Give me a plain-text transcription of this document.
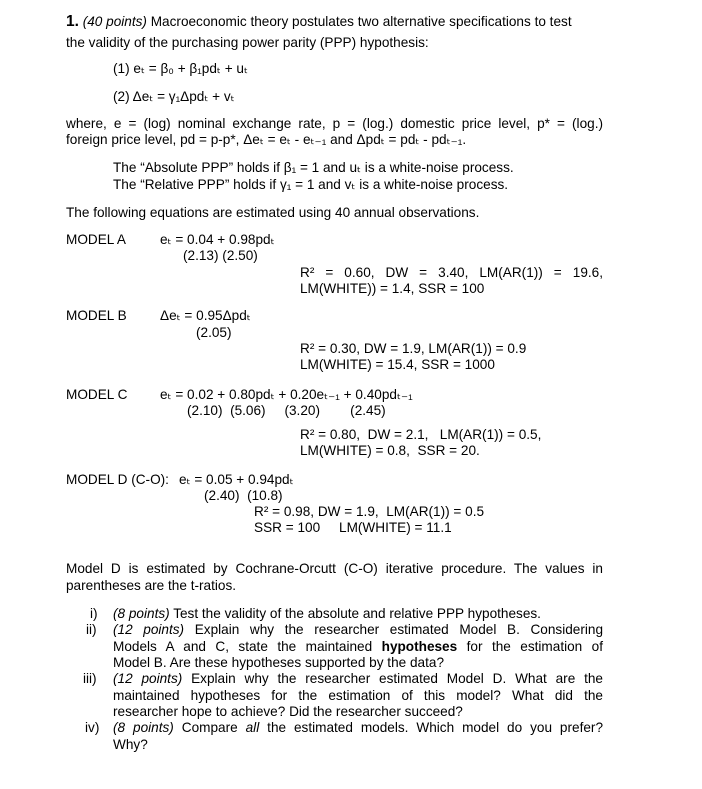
1. (40 points) Macroeconomic theory postulates two alternative specifications to test
the validity of the purchasing power parity (PPP) hypothesis:
(1) eₜ = β₀ + β₁pdₜ + uₜ
(2) Δeₜ = γ₁Δpdₜ + vₜ
where, e = (log) nominal exchange rate, p = (log.) domestic price level, p* = (log.)
foreign price level, pd = p-p*, Δeₜ = eₜ - eₜ₋₁ and Δpdₜ = pdₜ - pdₜ₋₁.
The “Absolute PPP” holds if β₁ = 1 and uₜ is a white-noise process.
The “Relative PPP” holds if γ₁ = 1 and vₜ is a white-noise process.
The following equations are estimated using 40 annual observations.
MODEL A	eₜ = 0.04 + 0.98pdₜ
(2.13) (2.50)
R² = 0.60, DW = 3.40, LM(AR(1)) = 19.6,
LM(WHITE)) = 1.4, SSR = 100
MODEL B Δeₜ = 0.95Δpdₜ
(2.05)
R² = 0.30, DW = 1.9, LM(AR(1)) = 0.9
LM(WHITE) = 15.4, SSR = 1000
MODEL C eₜ = 0.02 + 0.80pdₜ + 0.20eₜ₋₁ + 0.40pdₜ₋₁
(2.10)  (5.06)     (3.20)        (2.45)
R² = 0.80,  DW = 2.1,   LM(AR(1)) = 0.5,
LM(WHITE) = 0.8,  SSR = 20.
MODEL D (C-O): eₜ = 0.05 + 0.94pdₜ
(2.40)  (10.8)
R² = 0.98, DW = 1.9,  LM(AR(1)) = 0.5
SSR = 100     LM(WHITE) = 11.1
Model D is estimated by Cochrane-Orcutt (C-O) iterative procedure. The values in
parentheses are the t-ratios.
i) (8 points) Test the validity of the absolute and relative PPP hypotheses.
ii) (12 points) Explain why the researcher estimated Model B. Considering
Models A and C, state the maintained hypotheses for the estimation of
Model B. Are these hypotheses supported by the data?
iii) (12 points) Explain why the researcher estimated Model D. What are the
maintained hypotheses for the estimation of this model? What did the
researcher hope to achieve? Did the researcher succeed?
iv) (8 points) Compare all the estimated models. Which model do you prefer?
Why?
